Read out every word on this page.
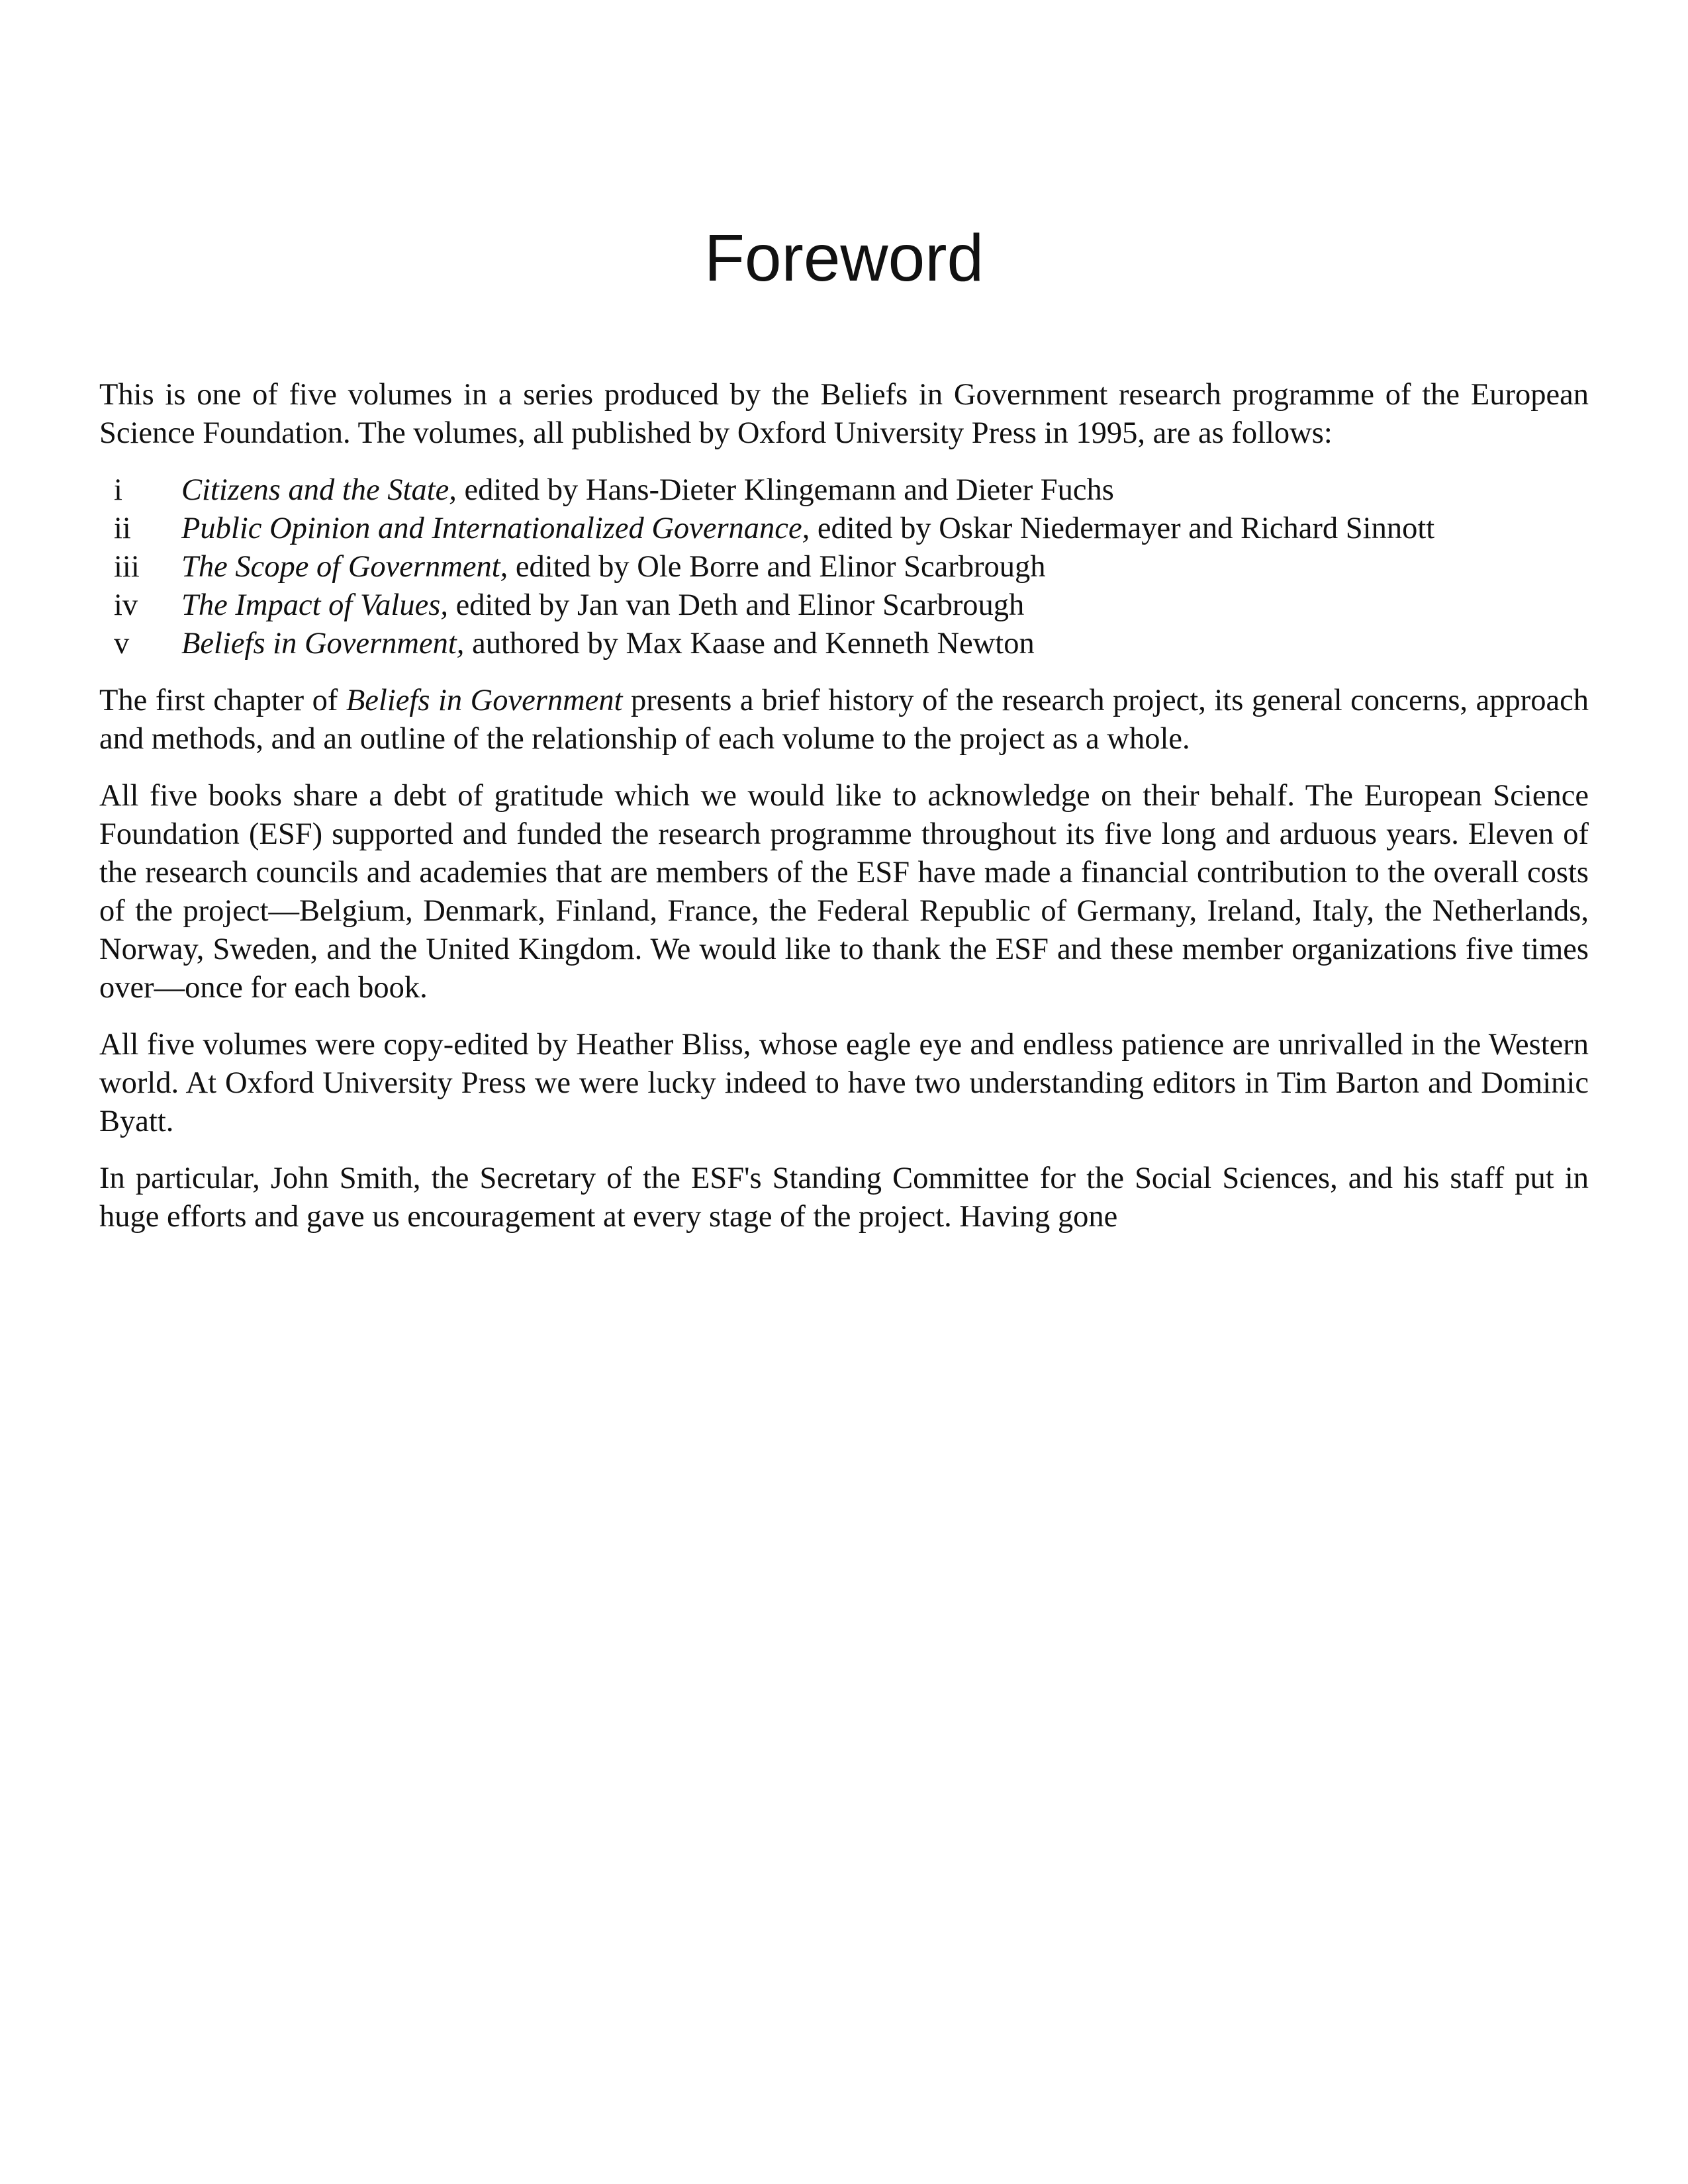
Foreword

This is one of five volumes in a series produced by the Beliefs in Government research programme of the European Science Foundation. The volumes, all published by Oxford University Press in 1995, are as follows:

i	Citizens and the State, edited by Hans-Dieter Klingemann and Dieter Fuchs
ii	Public Opinion and Internationalized Governance, edited by Oskar Niedermayer and Richard Sinnott
iii	The Scope of Government, edited by Ole Borre and Elinor Scarbrough
iv	The Impact of Values, edited by Jan van Deth and Elinor Scarbrough
v	Beliefs in Government, authored by Max Kaase and Kenneth Newton

The first chapter of Beliefs in Government presents a brief history of the research project, its general concerns, approach and methods, and an outline of the relationship of each volume to the project as a whole.

All five books share a debt of gratitude which we would like to acknowledge on their behalf. The European Science Foundation (ESF) supported and funded the research programme throughout its five long and arduous years. Eleven of the research councils and academies that are members of the ESF have made a financial contribution to the overall costs of the project—Belgium, Denmark, Finland, France, the Federal Republic of Germany, Ireland, Italy, the Netherlands, Norway, Sweden, and the United Kingdom. We would like to thank the ESF and these member organizations five times over—once for each book.

All five volumes were copy-edited by Heather Bliss, whose eagle eye and endless patience are unrivalled in the Western world. At Oxford University Press we were lucky indeed to have two understanding editors in Tim Barton and Dominic Byatt.

In particular, John Smith, the Secretary of the ESF's Standing Committee for the Social Sciences, and his staff put in huge efforts and gave us encouragement at every stage of the project. Having gone
